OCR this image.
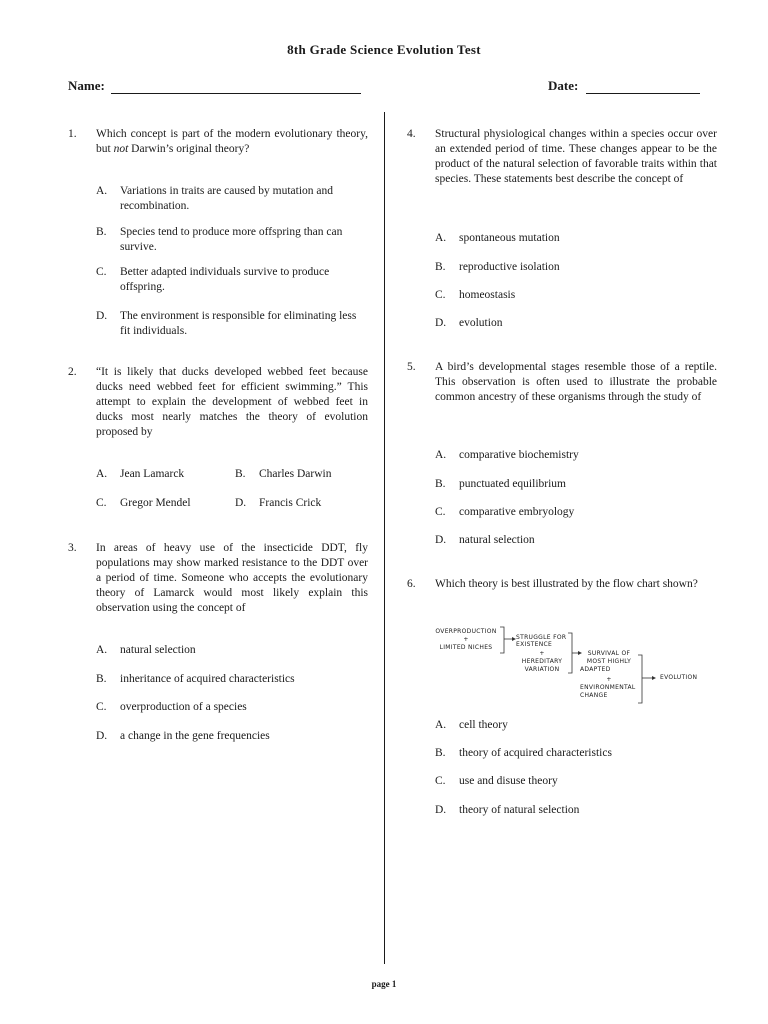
8th Grade Science Evolution Test
Name:	Date:
1. Which concept is part of the modern evolutionary theory, but not Darwin’s original theory?
A. Variations in traits are caused by mutation and recombination.
B. Species tend to produce more offspring than can survive.
C. Better adapted individuals survive to produce offspring.
D. The environment is responsible for eliminating less fit individuals.
2. “It is likely that ducks developed webbed feet because ducks need webbed feet for efficient swimming.” This attempt to explain the development of webbed feet in ducks most nearly matches the theory of evolution proposed by
A. Jean Lamarck	B. Charles Darwin
C. Gregor Mendel	D. Francis Crick
3. In areas of heavy use of the insecticide DDT, fly populations may show marked resistance to the DDT over a period of time. Someone who accepts the evolutionary theory of Lamarck would most likely explain this observation using the concept of
A. natural selection
B. inheritance of acquired characteristics
C. overproduction of a species
D. a change in the gene frequencies
4. Structural physiological changes within a species occur over an extended period of time. These changes appear to be the product of the natural selection of favorable traits within that species. These statements best describe the concept of
A. spontaneous mutation
B. reproductive isolation
C. homeostasis
D. evolution
5. A bird’s developmental stages resemble those of a reptile. This observation is often used to illustrate the probable common ancestry of these organisms through the study of
A. comparative biochemistry
B. punctuated equilibrium
C. comparative embryology
D. natural selection
6. Which theory is best illustrated by the flow chart shown?
OVERPRODUCTION
+
LIMITED NICHES
STRUGGLE FOR
EXISTENCE
+
HEREDITARY
VARIATION
SURVIVAL OF
MOST HIGHLY
ADAPTED
+
ENVIRONMENTAL
CHANGE
EVOLUTION
A. cell theory
B. theory of acquired characteristics
C. use and disuse theory
D. theory of natural selection
page 1
